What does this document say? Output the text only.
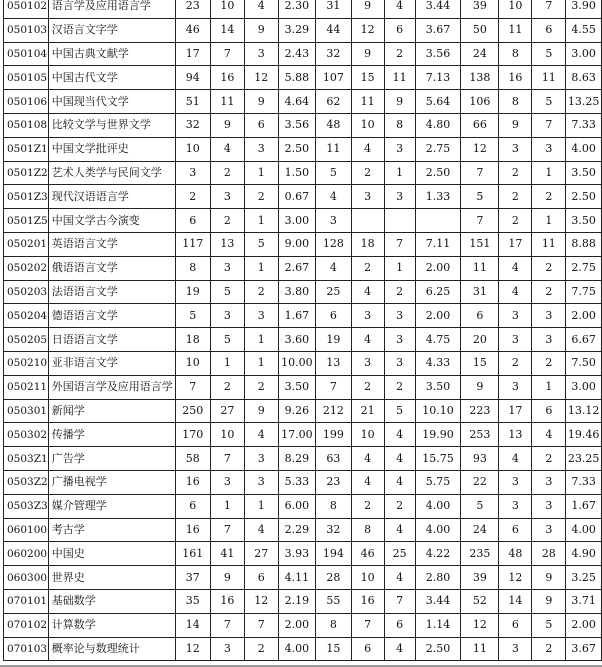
050102	语言学及应用语言学	23	10	4	2.30	31	9	4	3.44	39	10	7	3.90
050103	汉语言文字学	46	14	9	3.29	44	12	6	3.67	50	11	6	4.55
050104	中国古典文献学	17	7	3	2.43	32	9	2	3.56	24	8	5	3.00
050105	中国古代文学	94	16	12	5.88	107	15	11	7.13	138	16	11	8.63
050106	中国现当代文学	51	11	9	4.64	62	11	9	5.64	106	8	5	13.25
050108	比较文学与世界文学	32	9	6	3.56	48	10	8	4.80	66	9	7	7.33
0501Z1	中国文学批评史	10	4	3	2.50	11	4	3	2.75	12	3	3	4.00
0501Z2	艺术人类学与民间文学	3	2	1	1.50	5	2	1	2.50	7	2	1	3.50
0501Z3	现代汉语语言学	2	3	2	0.67	4	3	3	1.33	5	2	2	2.50
0501Z5	中国文学古今演变	6	2	1	3.00	3				7	2	1	3.50
050201	英语语言文学	117	13	5	9.00	128	18	7	7.11	151	17	11	8.88
050202	俄语语言文学	8	3	1	2.67	4	2	1	2.00	11	4	2	2.75
050203	法语语言文学	19	5	2	3.80	25	4	2	6.25	31	4	2	7.75
050204	德语语言文学	5	3	3	1.67	6	3	3	2.00	6	3	3	2.00
050205	日语语言文学	18	5	1	3.60	19	4	3	4.75	20	3	3	6.67
050210	亚非语言文学	10	1	1	10.00	13	3	3	4.33	15	2	2	7.50
050211	外国语言学及应用语言学	7	2	2	3.50	7	2	2	3.50	9	3	1	3.00
050301	新闻学	250	27	9	9.26	212	21	5	10.10	223	17	6	13.12
050302	传播学	170	10	4	17.00	199	10	4	19.90	253	13	4	19.46
0503Z1	广告学	58	7	3	8.29	63	4	4	15.75	93	4	2	23.25
0503Z2	广播电视学	16	3	3	5.33	23	4	4	5.75	22	3	3	7.33
0503Z3	媒介管理学	6	1	1	6.00	8	2	2	4.00	5	3	3	1.67
060100	考古学	16	7	4	2.29	32	8	4	4.00	24	6	3	4.00
060200	中国史	161	41	27	3.93	194	46	25	4.22	235	48	28	4.90
060300	世界史	37	9	6	4.11	28	10	4	2.80	39	12	9	3.25
070101	基础数学	35	16	12	2.19	55	16	7	3.44	52	14	9	3.71
070102	计算数学	14	7	7	2.00	8	7	6	1.14	12	6	5	2.00
070103	概率论与数理统计	12	3	2	4.00	15	6	4	2.50	11	3	2	3.67
